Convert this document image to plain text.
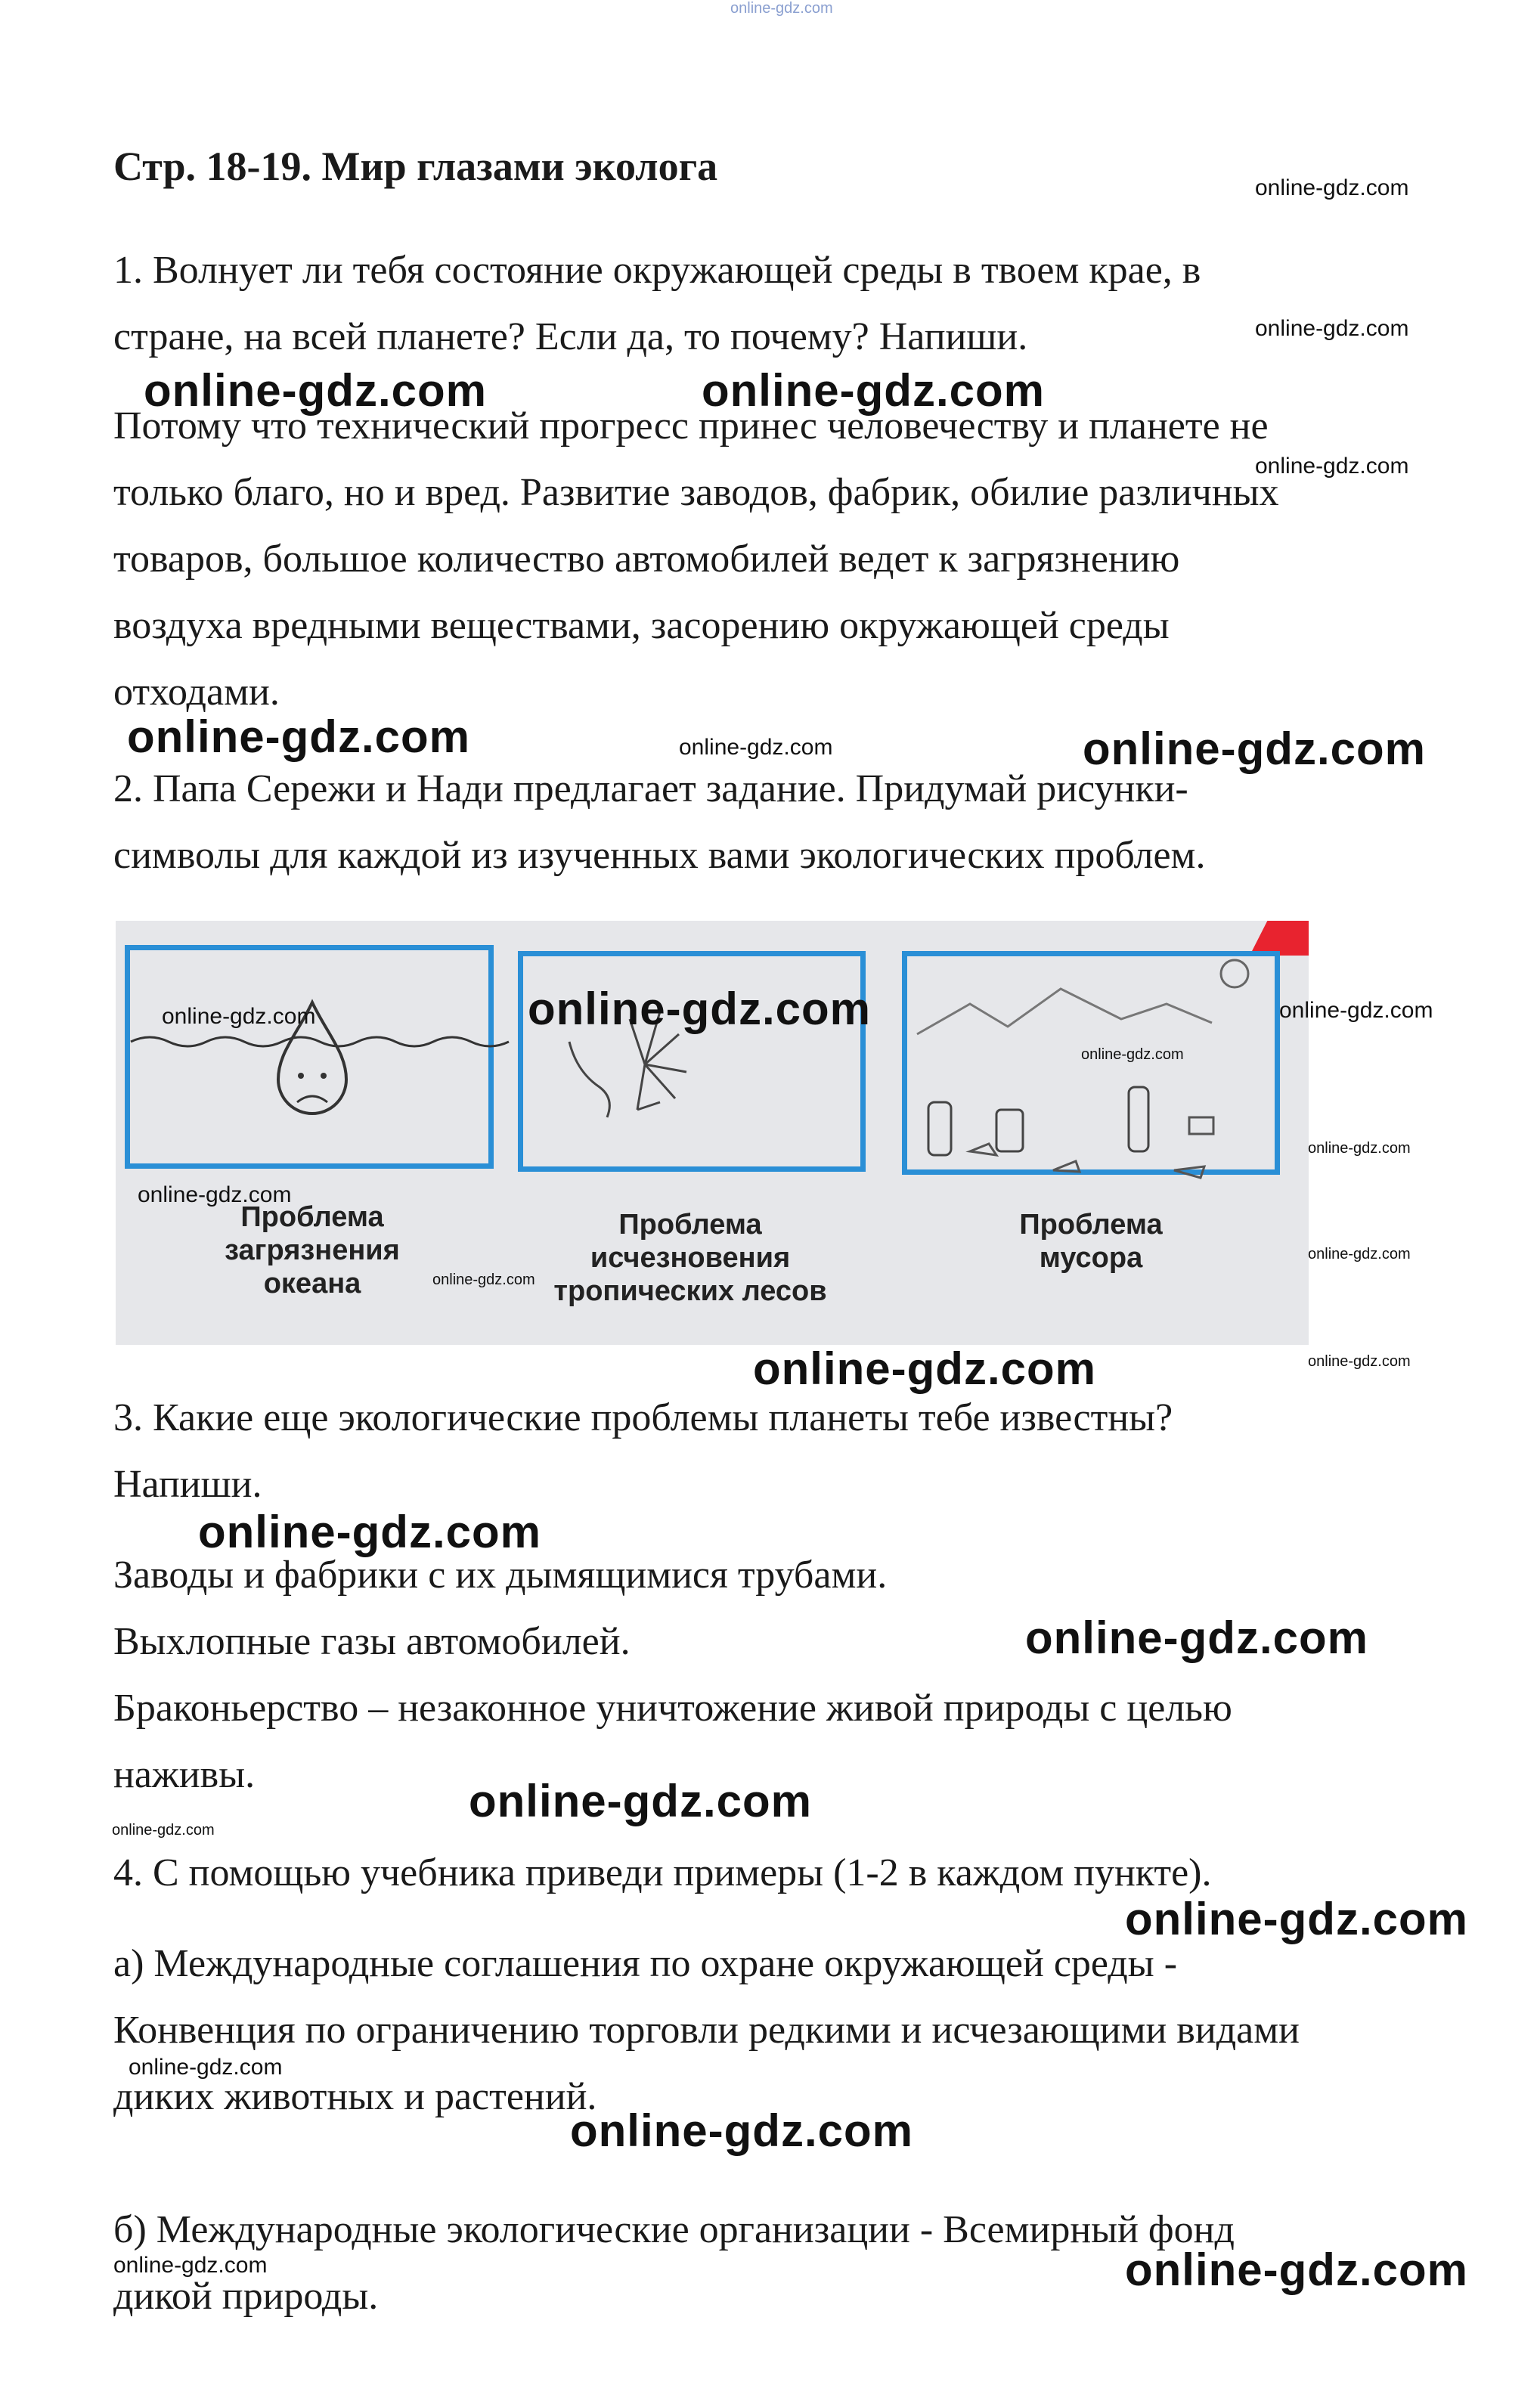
online-gdz.com
Стр. 18-19. Мир глазами эколога
1. Волнует ли тебя состояние окружающей среды в твоем крае, в
стране, на всей планете? Если да, то почему? Напиши.
Потому что технический прогресс принес человечеству и планете не
только благо, но и вред. Развитие заводов, фабрик, обилие различных
товаров, большое количество автомобилей ведет к загрязнению
воздуха вредными веществами, засорению окружающей среды
отходами.
2. Папа Сережи и Нади предлагает задание. Придумай рисунки-
символы для каждой из изученных вами экологических проблем.
Проблема
загрязнения
океана
Проблема
исчезновения
тропических лесов
Проблема
мусора
3. Какие еще экологические проблемы планеты тебе известны?
Напиши.
Заводы и фабрики с их дымящимися трубами.
Выхлопные газы автомобилей.
Браконьерство – незаконное уничтожение живой природы с целью
наживы.
4. С помощью учебника приведи примеры (1-2 в каждом пункте).
а) Международные соглашения по охране окружающей среды -
Конвенция по ограничению торговли редкими и исчезающими видами
диких животных и растений.
б) Международные экологические организации - Всемирный фонд
дикой природы.
online-gdz.com
online-gdz.com
online-gdz.com	online-gdz.com
online-gdz.com
online-gdz.com	online-gdz.com	online-gdz.com
online-gdz.com	online-gdz.com	online-gdz.com
online-gdz.com
online-gdz.com
online-gdz.com
online-gdz.com
online-gdz.com
online-gdz.com	online-gdz.com
online-gdz.com
online-gdz.com
online-gdz.com
online-gdz.com
online-gdz.com
online-gdz.com
online-gdz.com
online-gdz.com	online-gdz.com
